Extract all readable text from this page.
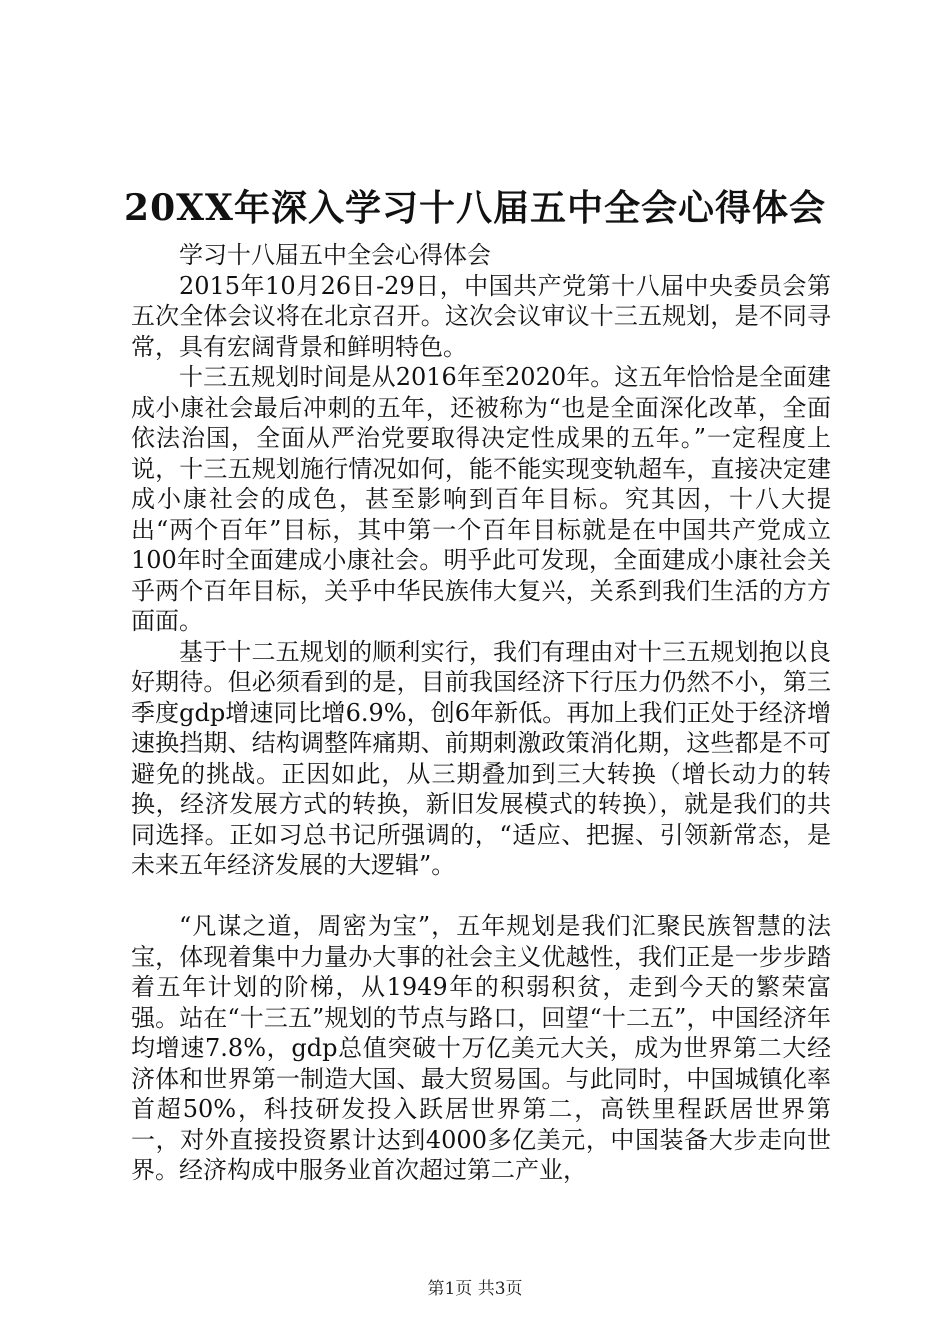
20XX年深入学习十八届五中全会心得体会

学习十八届五中全会心得体会

2015年10月26日-29日，中国共产党第十八届中央委员会第五次全体会议将在北京召开。这次会议审议十三五规划，是不同寻常，具有宏阔背景和鲜明特色。

十三五规划时间是从2016年至2020年。这五年恰恰是全面建成小康社会最后冲刺的五年，还被称为“也是全面深化改革，全面依法治国，全面从严治党要取得决定性成果的五年。”一定程度上说，十三五规划施行情况如何，能不能实现变轨超车，直接决定建成小康社会的成色，甚至影响到百年目标。究其因，十八大提出“两个百年”目标，其中第一个百年目标就是在中国共产党成立100年时全面建成小康社会。明乎此可发现，全面建成小康社会关乎两个百年目标，关乎中华民族伟大复兴，关系到我们生活的方方面面。

基于十二五规划的顺利实行，我们有理由对十三五规划抱以良好期待。但必须看到的是，目前我国经济下行压力仍然不小，第三季度gdp增速同比增6.9%，创6年新低。再加上我们正处于经济增速换挡期、结构调整阵痛期、前期刺激政策消化期，这些都是不可避免的挑战。正因如此，从三期叠加到三大转换（增长动力的转换，经济发展方式的转换，新旧发展模式的转换），就是我们的共同选择。正如习总书记所强调的，“适应、把握、引领新常态，是未来五年经济发展的大逻辑”。

“凡谋之道，周密为宝”，五年规划是我们汇聚民族智慧的法宝，体现着集中力量办大事的社会主义优越性，我们正是一步步踏着五年计划的阶梯，从1949年的积弱积贫，走到今天的繁荣富强。站在“十三五”规划的节点与路口，回望“十二五”，中国经济年均增速7.8%，gdp总值突破十万亿美元大关，成为世界第二大经济体和世界第一制造大国、最大贸易国。与此同时，中国城镇化率首超50%，科技研发投入跃居世界第二，高铁里程跃居世界第一，对外直接投资累计达到4000多亿美元，中国装备大步走向世界。经济构成中服务业首次超过第二产业，

第1页 共3页
